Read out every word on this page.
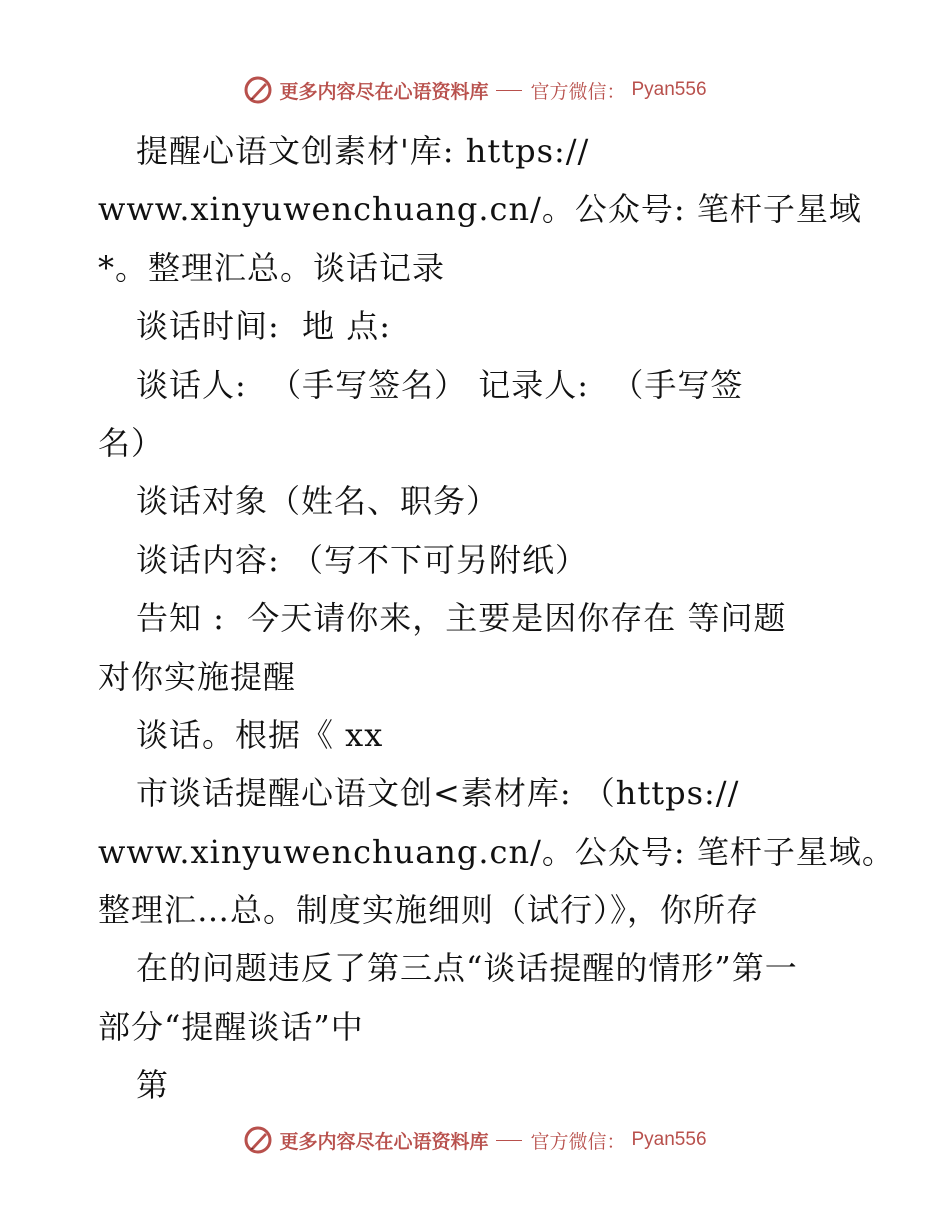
更多内容尽在心语资料库 官方微信： Pyan556
提醒心语文创素材'库: https://
www.xinyuwenchuang.cn/。公众号: 笔杆子星域
*。整理汇总。谈话记录
谈话时间:  地 点:
谈话人:  （手写签名） 记录人:  （手写签
名）
谈话对象（姓名、职务）
谈话内容: （写不下可另附纸）
告知 :  今天请你来，主要是因你存在 等问题
对你实施提醒
谈话。根据《 xx
市谈话提醒心语文创<素材库: （https://
www.xinyuwenchuang.cn/。公众号: 笔杆子星域。
整理汇…总。制度实施细则（试行）》，你所存
在的问题违反了第三点“谈话提醒的情形”第一
部分“提醒谈话”中
第
更多内容尽在心语资料库 官方微信： Pyan556
